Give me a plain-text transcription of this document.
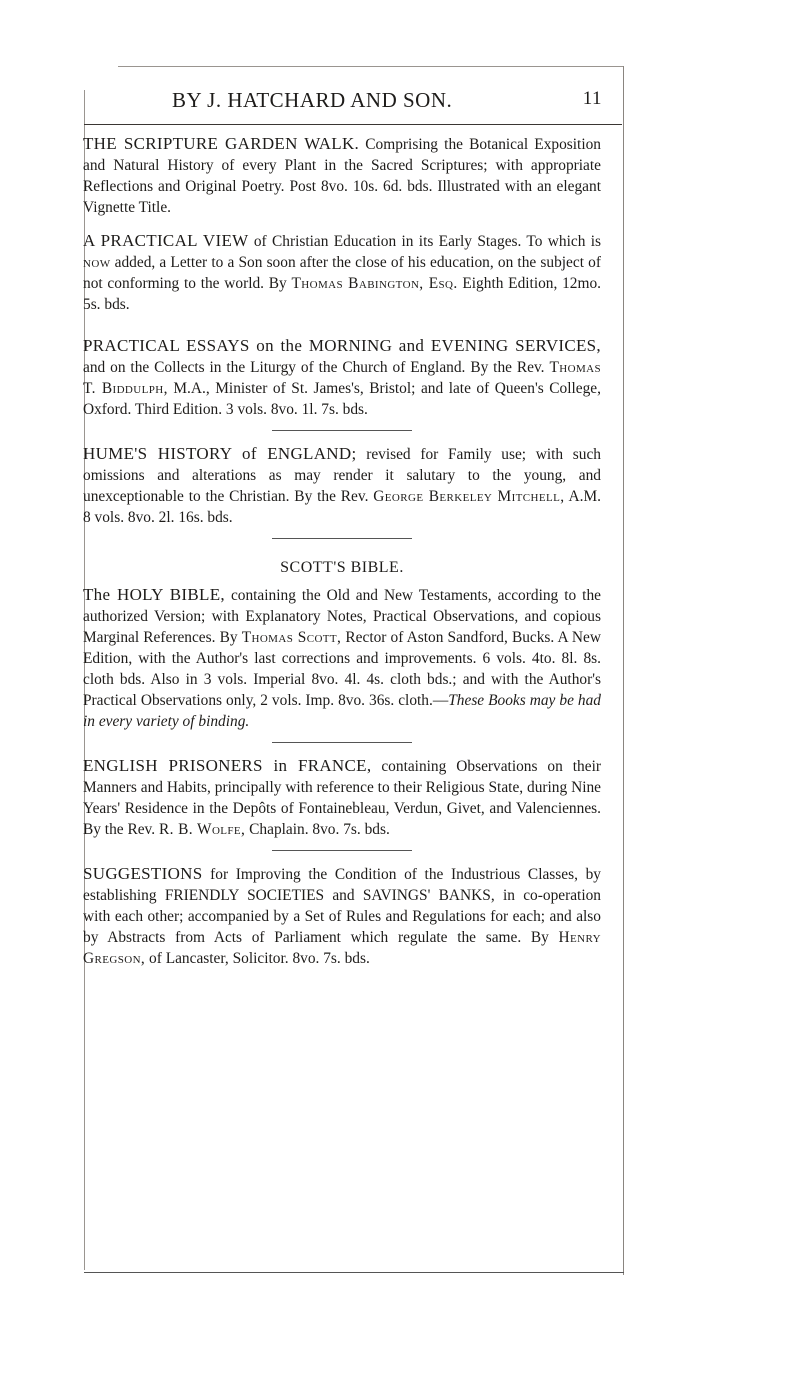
BY J. HATCHARD AND SON.	11

THE SCRIPTURE GARDEN WALK. Comprising the Botanical Exposition and Natural History of every Plant in the Sacred Scriptures; with appropriate Reflections and Original Poetry. Post 8vo. 10s. 6d. bds. Illustrated with an elegant Vignette Title.

A PRACTICAL VIEW of Christian Education in its Early Stages. To which is now added, a Letter to a Son soon after the close of his education, on the subject of not conforming to the world. By Thomas Babington, Esq. Eighth Edition, 12mo. 5s. bds.

PRACTICAL ESSAYS on the MORNING and EVENING SERVICES, and on the Collects in the Liturgy of the Church of England. By the Rev. Thomas T. Biddulph, M.A., Minister of St. James's, Bristol; and late of Queen's College, Oxford. Third Edition. 3 vols. 8vo. 1l. 7s. bds.

HUME'S HISTORY of ENGLAND; revised for Family use; with such omissions and alterations as may render it salutary to the young, and unexceptionable to the Christian. By the Rev. George Berkeley Mitchell, A.M. 8 vols. 8vo. 2l. 16s. bds.

SCOTT'S BIBLE.

The HOLY BIBLE, containing the Old and New Testaments, according to the authorized Version; with Explanatory Notes, Practical Observations, and copious Marginal References. By Thomas Scott, Rector of Aston Sandford, Bucks. A New Edition, with the Author's last corrections and improvements. 6 vols. 4to. 8l. 8s. cloth bds. Also in 3 vols. Imperial 8vo. 4l. 4s. cloth bds.; and with the Author's Practical Observations only, 2 vols. Imp. 8vo. 36s. cloth.—These Books may be had in every variety of binding.

ENGLISH PRISONERS in FRANCE, containing Observations on their Manners and Habits, principally with reference to their Religious State, during Nine Years' Residence in the Depôts of Fontainebleau, Verdun, Givet, and Valenciennes. By the Rev. R. B. Wolfe, Chaplain. 8vo. 7s. bds.

SUGGESTIONS for Improving the Condition of the Industrious Classes, by establishing FRIENDLY SOCIETIES and SAVINGS' BANKS, in co-operation with each other; accompanied by a Set of Rules and Regulations for each; and also by Abstracts from Acts of Parliament which regulate the same. By Henry Gregson, of Lancaster, Solicitor. 8vo. 7s. bds.
